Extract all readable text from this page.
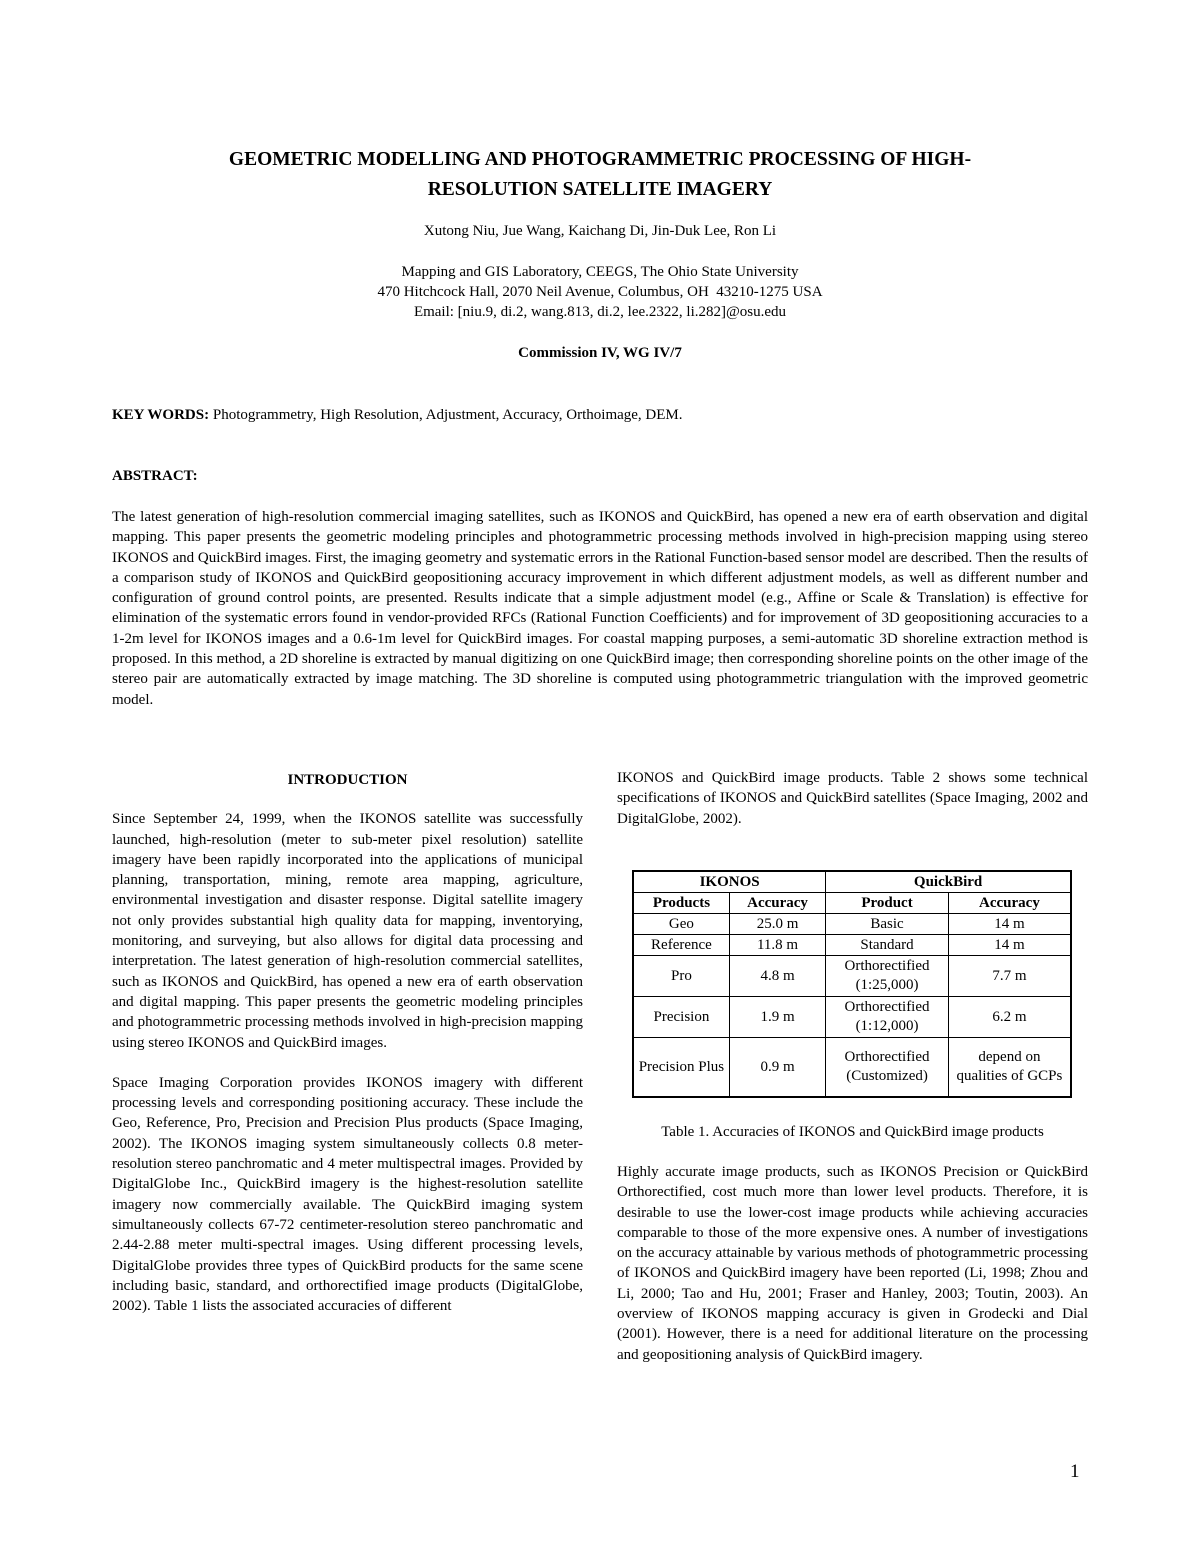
GEOMETRIC MODELLING AND PHOTOGRAMMETRIC PROCESSING OF HIGH-
RESOLUTION SATELLITE IMAGERY
Xutong Niu, Jue Wang, Kaichang Di, Jin-Duk Lee, Ron Li
Mapping and GIS Laboratory, CEEGS, The Ohio State University
470 Hitchcock Hall, 2070 Neil Avenue, Columbus, OH  43210-1275 USA
Email: [niu.9, di.2, wang.813, di.2, lee.2322, li.282]@osu.edu
Commission IV, WG IV/7
KEY WORDS: Photogrammetry, High Resolution, Adjustment, Accuracy, Orthoimage, DEM.
ABSTRACT:
The latest generation of high-resolution commercial imaging satellites, such as IKONOS and QuickBird, has opened a new era of earth observation and digital mapping. This paper presents the geometric modeling principles and photogrammetric processing methods involved in high-precision mapping using stereo IKONOS and QuickBird images. First, the imaging geometry and systematic errors in the Rational Function-based sensor model are described. Then the results of a comparison study of IKONOS and QuickBird geopositioning accuracy improvement in which different adjustment models, as well as different number and configuration of ground control points, are presented. Results indicate that a simple adjustment model (e.g., Affine or Scale & Translation) is effective for elimination of the systematic errors found in vendor-provided RFCs (Rational Function Coefficients) and for improvement of 3D geopositioning accuracies to a 1-2m level for IKONOS images and a 0.6-1m level for QuickBird images. For coastal mapping purposes, a semi-automatic 3D shoreline extraction method is proposed. In this method, a 2D shoreline is extracted by manual digitizing on one QuickBird image; then corresponding shoreline points on the other image of the stereo pair are automatically extracted by image matching. The 3D shoreline is computed using photogrammetric triangulation with the improved geometric model.

INTRODUCTION

Since September 24, 1999, when the IKONOS satellite was successfully launched, high-resolution (meter to sub-meter pixel resolution) satellite imagery have been rapidly incorporated into the applications of municipal planning, transportation, mining, remote area mapping, agriculture, environmental investigation and disaster response. Digital satellite imagery not only provides substantial high quality data for mapping, inventorying, monitoring, and surveying, but also allows for digital data processing and interpretation. The latest generation of high-resolution commercial satellites, such as IKONOS and QuickBird, has opened a new era of earth observation and digital mapping. This paper presents the geometric modeling principles and photogrammetric processing methods involved in high-precision mapping using stereo IKONOS and QuickBird images.

Space Imaging Corporation provides IKONOS imagery with different processing levels and corresponding positioning accuracy. These include the Geo, Reference, Pro, Precision and Precision Plus products (Space Imaging, 2002). The IKONOS imaging system simultaneously collects 0.8 meter-resolution stereo panchromatic and 4 meter multispectral images. Provided by DigitalGlobe Inc., QuickBird imagery is the highest-resolution satellite imagery now commercially available. The QuickBird imaging system simultaneously collects 67-72 centimeter-resolution stereo panchromatic and 2.44-2.88 meter multi-spectral images. Using different processing levels, DigitalGlobe provides three types of QuickBird products for the same scene including basic, standard, and orthorectified image products (DigitalGlobe, 2002). Table 1 lists the associated accuracies of different

IKONOS and QuickBird image products. Table 2 shows some technical specifications of IKONOS and QuickBird satellites (Space Imaging, 2002 and DigitalGlobe, 2002).

IKONOS		QuickBird	
Products	Accuracy	Product	Accuracy
Geo	25.0 m	Basic	14 m
Reference	11.8 m	Standard	14 m
Pro	4.8 m	Orthorectified (1:25,000)	7.7 m
Precision	1.9 m	Orthorectified (1:12,000)	6.2 m
Precision Plus	0.9 m	Orthorectified (Customized)	depend on qualities of GCPs
Table 1. Accuracies of IKONOS and QuickBird image products

Highly accurate image products, such as IKONOS Precision or QuickBird Orthorectified, cost much more than lower level products. Therefore, it is desirable to use the lower-cost image products while achieving accuracies comparable to those of the more expensive ones. A number of investigations on the accuracy attainable by various methods of photogrammetric processing of IKONOS and QuickBird imagery have been reported (Li, 1998; Zhou and Li, 2000; Tao and Hu, 2001; Fraser and Hanley, 2003; Toutin, 2003). An overview of IKONOS mapping accuracy is given in Grodecki and Dial (2001). However, there is a need for additional literature on the processing and geopositioning analysis of QuickBird imagery.

1
